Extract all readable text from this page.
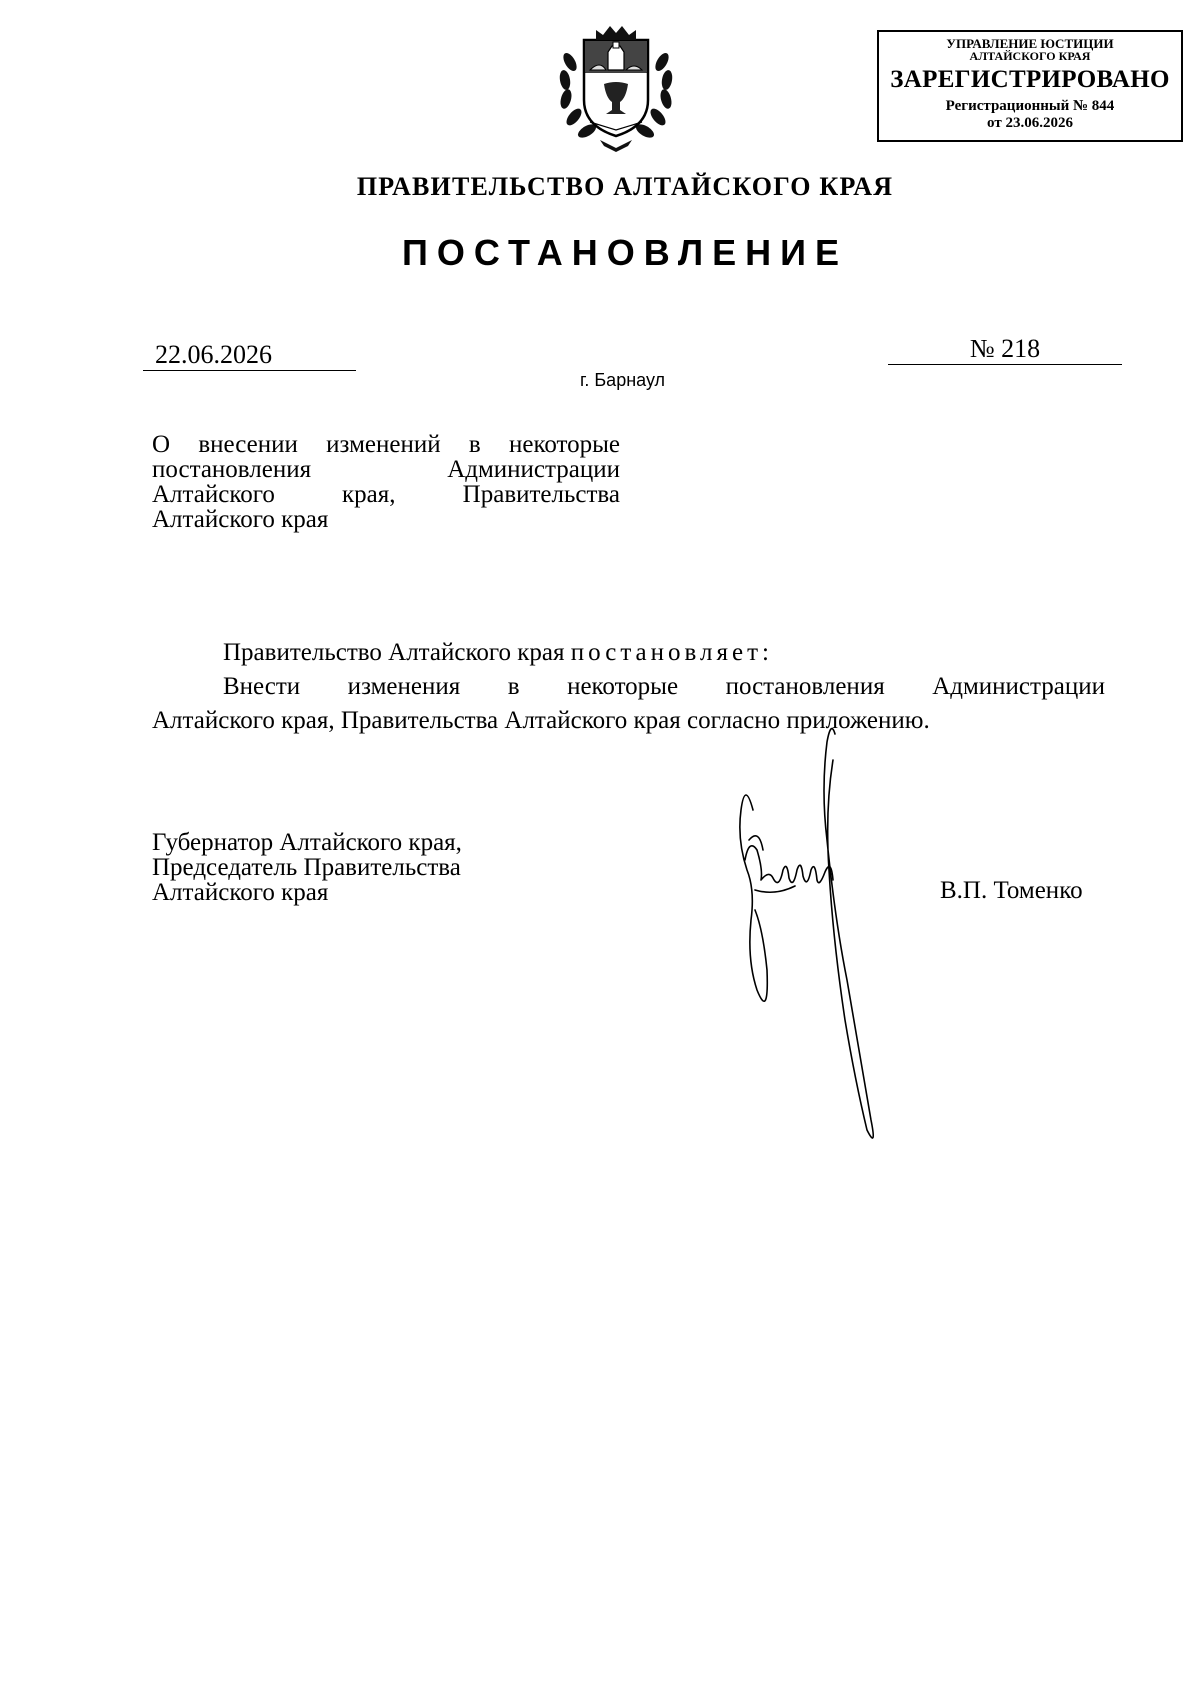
УПРАВЛЕНИЕ ЮСТИЦИИ
АЛТАЙСКОГО КРАЯ
ЗАРЕГИСТРИРОВАНО
Регистрационный № 844
от 23.06.2026
ПРАВИТЕЛЬСТВО АЛТАЙСКОГО КРАЯ
ПОСТАНОВЛЕНИЕ
22.06.2026	№ 218
г. Барнаул
О внесении изменений в некоторые
постановления Администрации
Алтайского края, Правительства
Алтайского края
Правительство Алтайского края постановляет:
Внести изменения в некоторые постановления Администрации
Алтайского края, Правительства Алтайского края согласно приложению.
Губернатор Алтайского края,
Председатель Правительства
Алтайского края	В.П. Томенко
